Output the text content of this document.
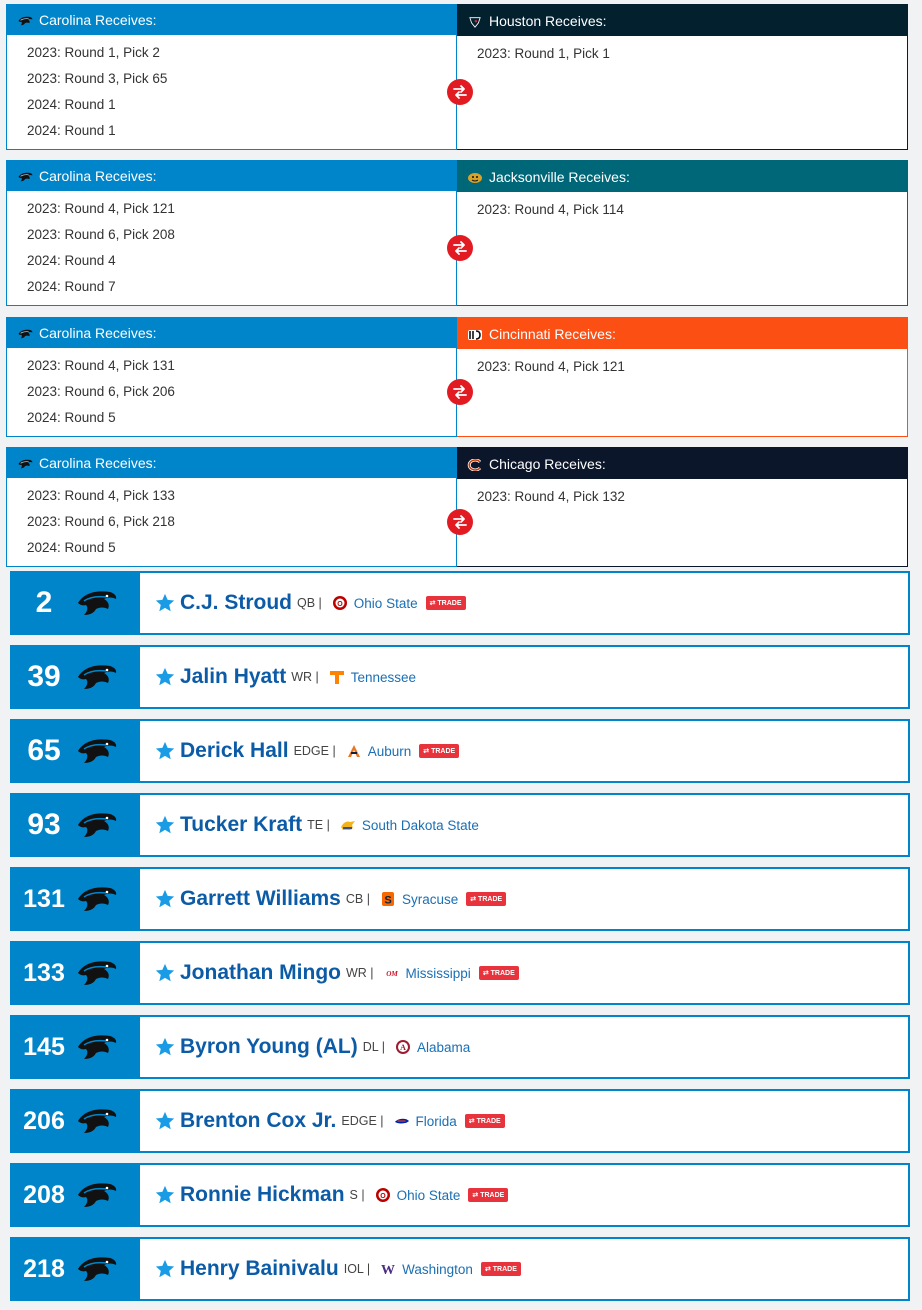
Carolina Receives:
2023: Round 1, Pick 2
2023: Round 3, Pick 65
2024: Round 1
2024: Round 1
Houston Receives:
2023: Round 1, Pick 1
Carolina Receives:
2023: Round 4, Pick 121
2023: Round 6, Pick 208
2024: Round 4
2024: Round 7
Jacksonville Receives:
2023: Round 4, Pick 114
Carolina Receives:
2023: Round 4, Pick 131
2023: Round 6, Pick 206
2024: Round 5
Cincinnati Receives:
2023: Round 4, Pick 121
Carolina Receives:
2023: Round 4, Pick 133
2023: Round 6, Pick 218
2024: Round 5
Chicago Receives:
2023: Round 4, Pick 132
2	C.J. Stroud QB | O Ohio State	⇄ TRADE
39	Jalin Hyatt WR | Tennessee
65	Derick Hall EDGE | Auburn	⇄ TRADE
93	Tucker Kraft TE | South Dakota State
131	Garrett Williams CB | S Syracuse	⇄ TRADE
133	Jonathan Mingo WR | OM Mississippi	⇄ TRADE
145	Byron Young (AL) DL | A Alabama
206	Brenton Cox Jr. EDGE | Florida	⇄ TRADE
208	Ronnie Hickman S | O Ohio State	⇄ TRADE
218	Henry Bainivalu IOL | W Washington	⇄ TRADE
